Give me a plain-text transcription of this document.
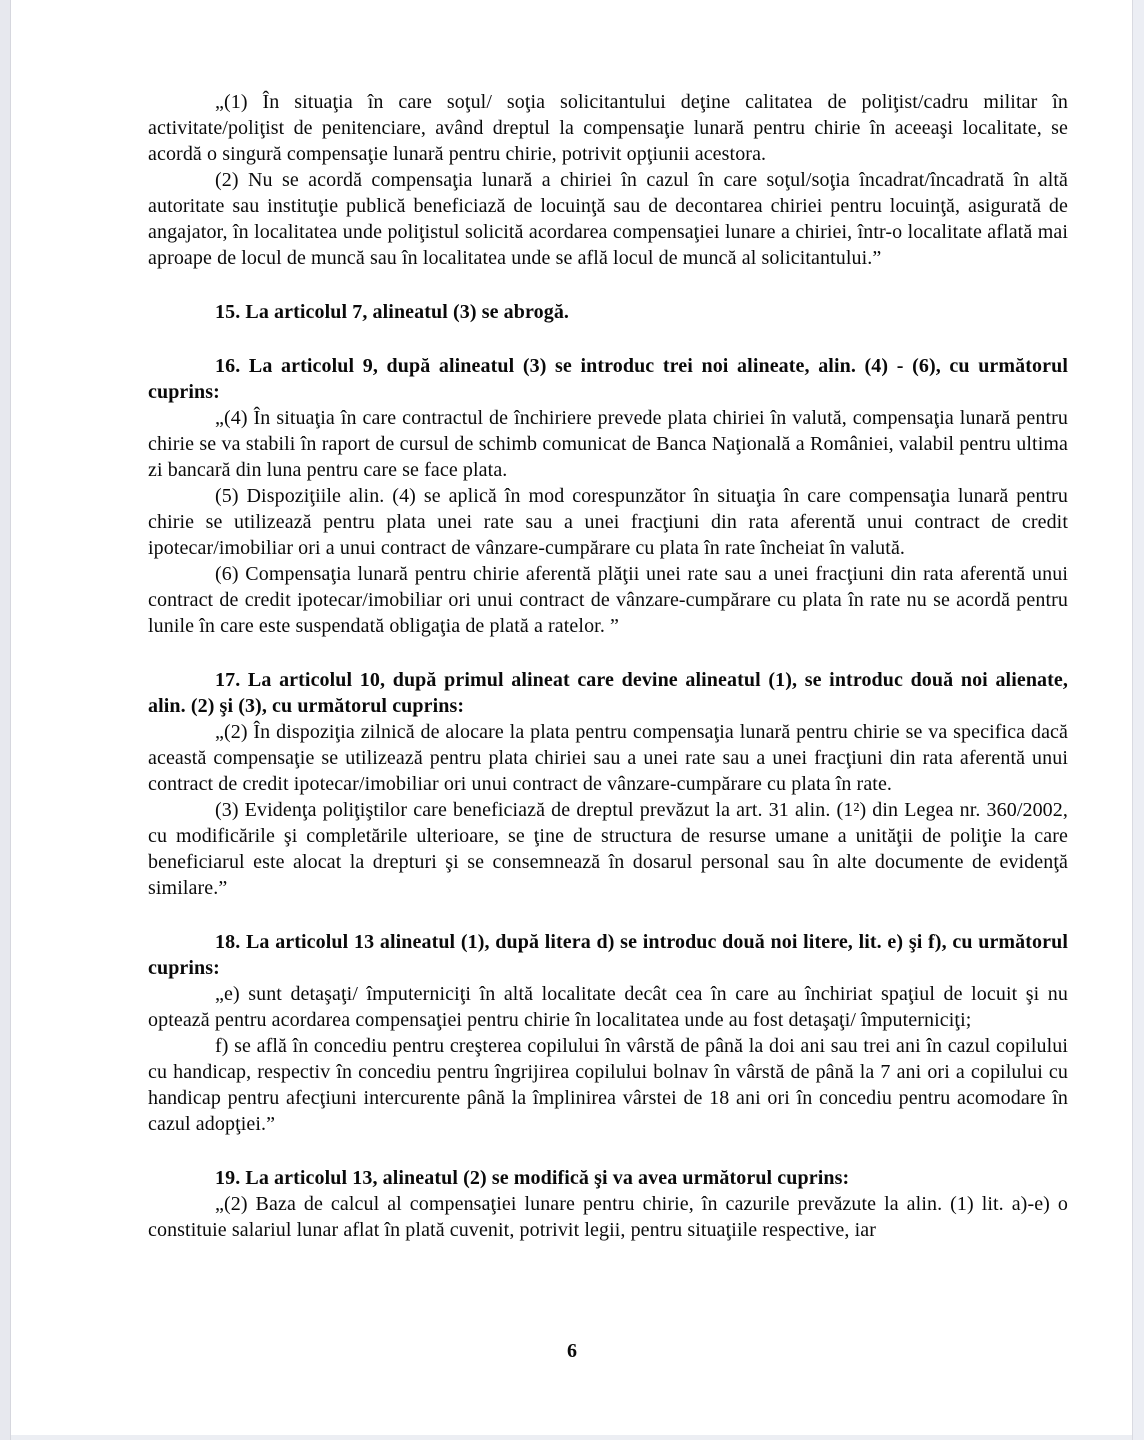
„(1) În situaţia în care soţul/ soţia solicitantului deţine calitatea de poliţist/cadru militar în activitate/poliţist de penitenciare, având dreptul la compensaţie lunară pentru chirie în aceeaşi localitate, se acordă o singură compensaţie lunară pentru chirie, potrivit opţiunii acestora.

(2) Nu se acordă compensaţia lunară a chiriei în cazul în care soţul/soţia încadrat/încadrată în altă autoritate sau instituţie publică beneficiază de locuinţă sau de decontarea chiriei pentru locuinţă, asigurată de angajator, în localitatea unde poliţistul solicită acordarea compensaţiei lunare a chiriei, într-o localitate aflată mai aproape de locul de muncă sau în localitatea unde se află locul de muncă al solicitantului.”

15. La articolul 7, alineatul (3) se abrogă.

16. La articolul 9, după alineatul (3) se introduc trei noi alineate, alin. (4) - (6), cu următorul cuprins:

„(4) În situaţia în care contractul de închiriere prevede plata chiriei în valută, compensaţia lunară pentru chirie se va stabili în raport de cursul de schimb comunicat de Banca Naţională a României, valabil pentru ultima zi bancară din luna pentru care se face plata.

(5) Dispoziţiile alin. (4) se aplică în mod corespunzător în situaţia în care compensaţia lunară pentru chirie se utilizează pentru plata unei rate sau a unei fracţiuni din rata aferentă unui contract de credit ipotecar/imobiliar ori a unui contract de vânzare-cumpărare cu plata în rate încheiat în valută.

(6) Compensaţia lunară pentru chirie aferentă plăţii unei rate sau a unei fracţiuni din rata aferentă unui contract de credit ipotecar/imobiliar ori unui contract de vânzare-cumpărare cu plata în rate nu se acordă pentru lunile în care este suspendată obligaţia de plată a ratelor. ”

17. La articolul 10, după primul alineat care devine alineatul (1), se introduc două noi alienate, alin. (2) şi (3), cu următorul cuprins:

„(2) În dispoziţia zilnică de alocare la plata pentru compensaţia lunară pentru chirie se va specifica dacă această compensaţie se utilizează pentru plata chiriei sau a unei rate sau a unei fracţiuni din rata aferentă unui contract de credit ipotecar/imobiliar ori unui contract de vânzare-cumpărare cu plata în rate.

(3) Evidenţa poliţiştilor care beneficiază de dreptul prevăzut la art. 31 alin. (1²) din Legea nr. 360/2002, cu modificările şi completările ulterioare, se ţine de structura de resurse umane a unităţii de poliţie la care beneficiarul este alocat la drepturi şi se consemnează în dosarul personal sau în alte documente de evidenţă similare.”

18. La articolul 13 alineatul (1), după litera d) se introduc două noi litere, lit. e) şi f), cu următorul cuprins:

„e) sunt detaşaţi/ împuterniciţi în altă localitate decât cea în care au închiriat spaţiul de locuit şi nu optează pentru acordarea compensaţiei pentru chirie în localitatea unde au fost detaşaţi/ împuterniciţi;

f) se află în concediu pentru creşterea copilului în vârstă de până la doi ani sau trei ani în cazul copilului cu handicap, respectiv în concediu pentru îngrijirea copilului bolnav în vârstă de până la 7 ani ori a copilului cu handicap pentru afecţiuni intercurente până la împlinirea vârstei de 18 ani ori în concediu pentru acomodare în cazul adopţiei.”

19. La articolul 13, alineatul (2) se modifică şi va avea următorul cuprins:

„(2) Baza de calcul al compensaţiei lunare pentru chirie, în cazurile prevăzute la alin. (1) lit. a)-e) o constituie salariul lunar aflat în plată cuvenit, potrivit legii, pentru situaţiile respective, iar

6
